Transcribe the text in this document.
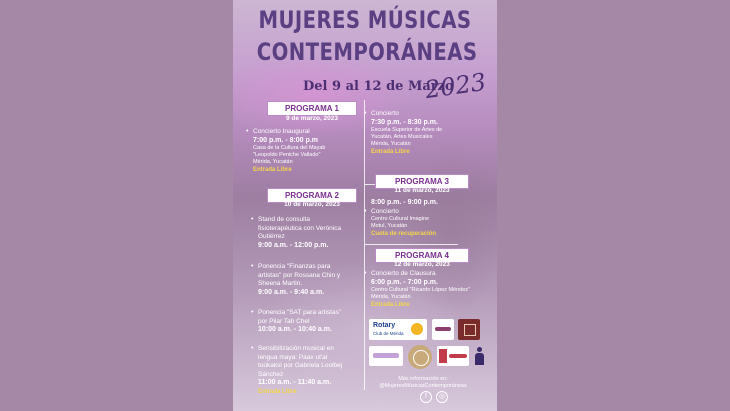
MUJERES MÚSICAS
CONTEMPORÁNEAS
Del 9 al 12 de Marzo
2023
PROGRAMA 1
9 de marzo, 2023
• Concierto Inaugural
7:00 p.m. - 8:00 p.m
Casa de la Cultura del Mayab
"Leopoldo Peniche Vallado"
Mérida, Yucatán
Entrada Libre
• Concierto
7:30 p.m. - 8:30 p.m.
Escuela Superior de Artes de
Yucatán, Artes Musicales
Mérida, Yucatán
Entrada Libre
PROGRAMA 2
10 de marzo, 2023
• Stand de consulta
fisioterapéutica con Verónica
Gutiérrez
9:00 a.m. - 12:00 p.m.
• Ponencia "Finanzas para
artistas" por Rossana Chin y
Sheena Martin.
9:00 a.m. - 9:40 a.m.
• Ponencia "SAT para artistas"
por Pilar Tah Chel
10:00 a.m. - 10:40 a.m.
• Sensibilización musical en
lengua maya: Paax ut'al
tuúkaksl por Gabriela Loolbej
Sánchez
11:00 a.m. - 11:40 a.m.
Entrada Libre
PROGRAMA 3
11 de marzo, 2023
8:00 p.m. - 9:00 p.m.
• Concierto
Centro Cultural Imagine
Motul, Yucatán
Cuota de recuperación
PROGRAMA 4
12 de marzo, 2023
• Concierto de Clausura
6:00 p.m. - 7:00 p.m.
Centro Cultural "Ricardo López Méndez"
Mérida, Yucatán
Entrada Libre
Rotary
Club de Mérida
Más información en:
@MujeresMúsicasContemporáneas
f	◎
